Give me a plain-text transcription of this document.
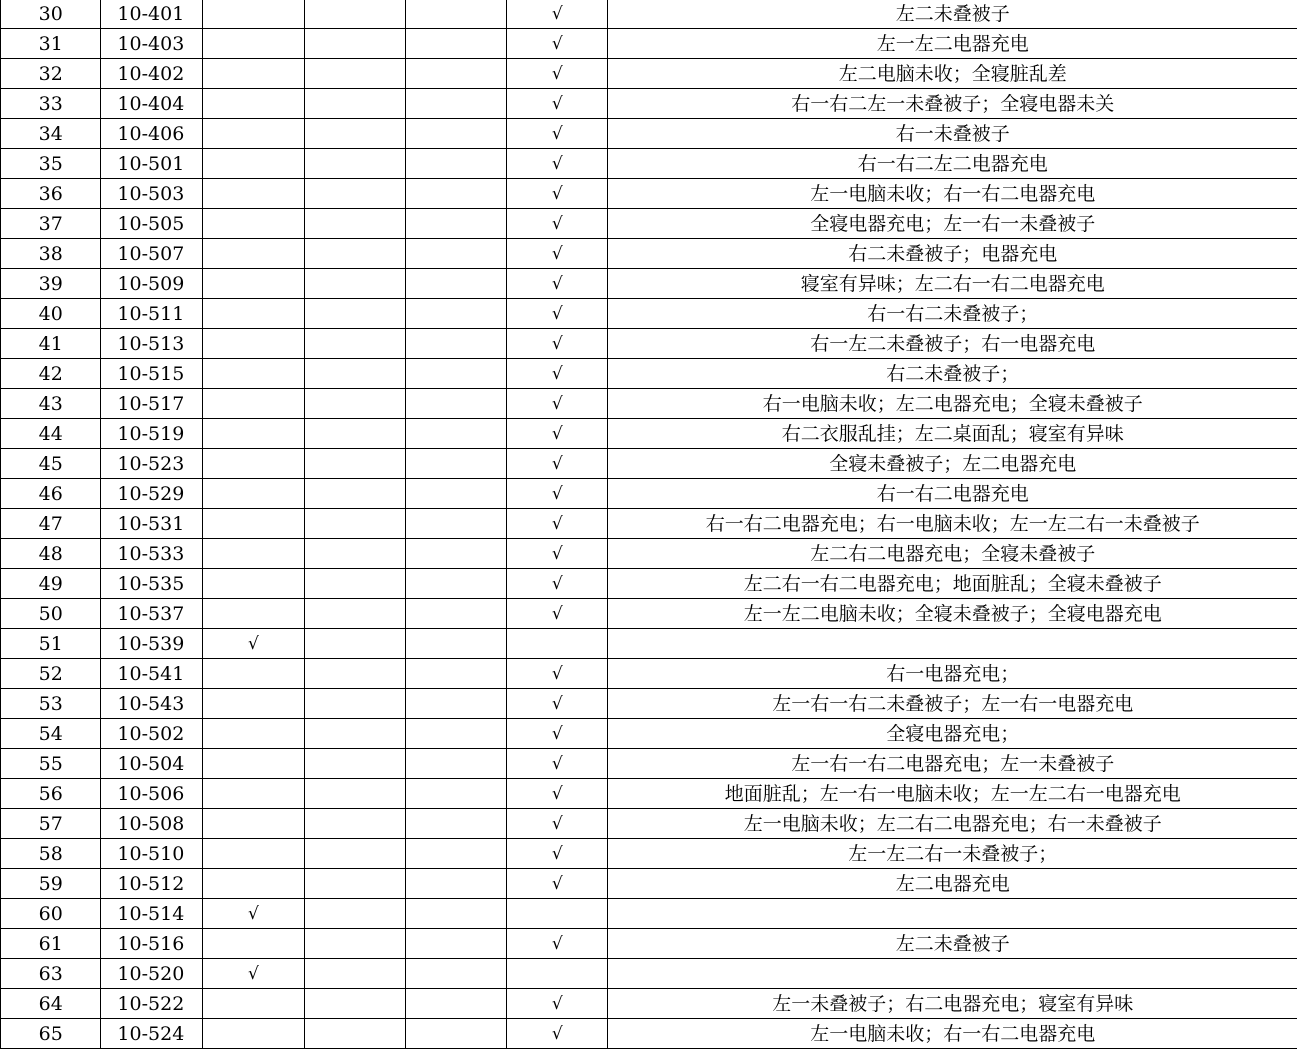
30	10-401				√	左二未叠被子
31	10-403				√	左一左二电器充电
32	10-402				√	左二电脑未收；全寝脏乱差
33	10-404				√	右一右二左一未叠被子；全寝电器未关
34	10-406				√	右一未叠被子
35	10-501				√	右一右二左二电器充电
36	10-503				√	左一电脑未收；右一右二电器充电
37	10-505				√	全寝电器充电；左一右一未叠被子
38	10-507				√	右二未叠被子；电器充电
39	10-509				√	寝室有异味；左二右一右二电器充电
40	10-511				√	右一右二未叠被子；
41	10-513				√	右一左二未叠被子；右一电器充电
42	10-515				√	右二未叠被子；
43	10-517				√	右一电脑未收；左二电器充电；全寝未叠被子
44	10-519				√	右二衣服乱挂；左二桌面乱；寝室有异味
45	10-523				√	全寝未叠被子；左二电器充电
46	10-529				√	右一右二电器充电
47	10-531				√	右一右二电器充电；右一电脑未收；左一左二右一未叠被子
48	10-533				√	左二右二电器充电；全寝未叠被子
49	10-535				√	左二右一右二电器充电；地面脏乱；全寝未叠被子
50	10-537				√	左一左二电脑未收；全寝未叠被子；全寝电器充电
51	10-539	√				
52	10-541				√	右一电器充电；
53	10-543				√	左一右一右二未叠被子；左一右一电器充电
54	10-502				√	全寝电器充电；
55	10-504				√	左一右一右二电器充电；左一未叠被子
56	10-506				√	地面脏乱；左一右一电脑未收；左一左二右一电器充电
57	10-508				√	左一电脑未收；左二右二电器充电；右一未叠被子
58	10-510				√	左一左二右一未叠被子；
59	10-512				√	左二电器充电
60	10-514	√				
61	10-516				√	左二未叠被子
63	10-520	√				
64	10-522				√	左一未叠被子；右二电器充电；寝室有异味
65	10-524				√	左一电脑未收；右一右二电器充电
